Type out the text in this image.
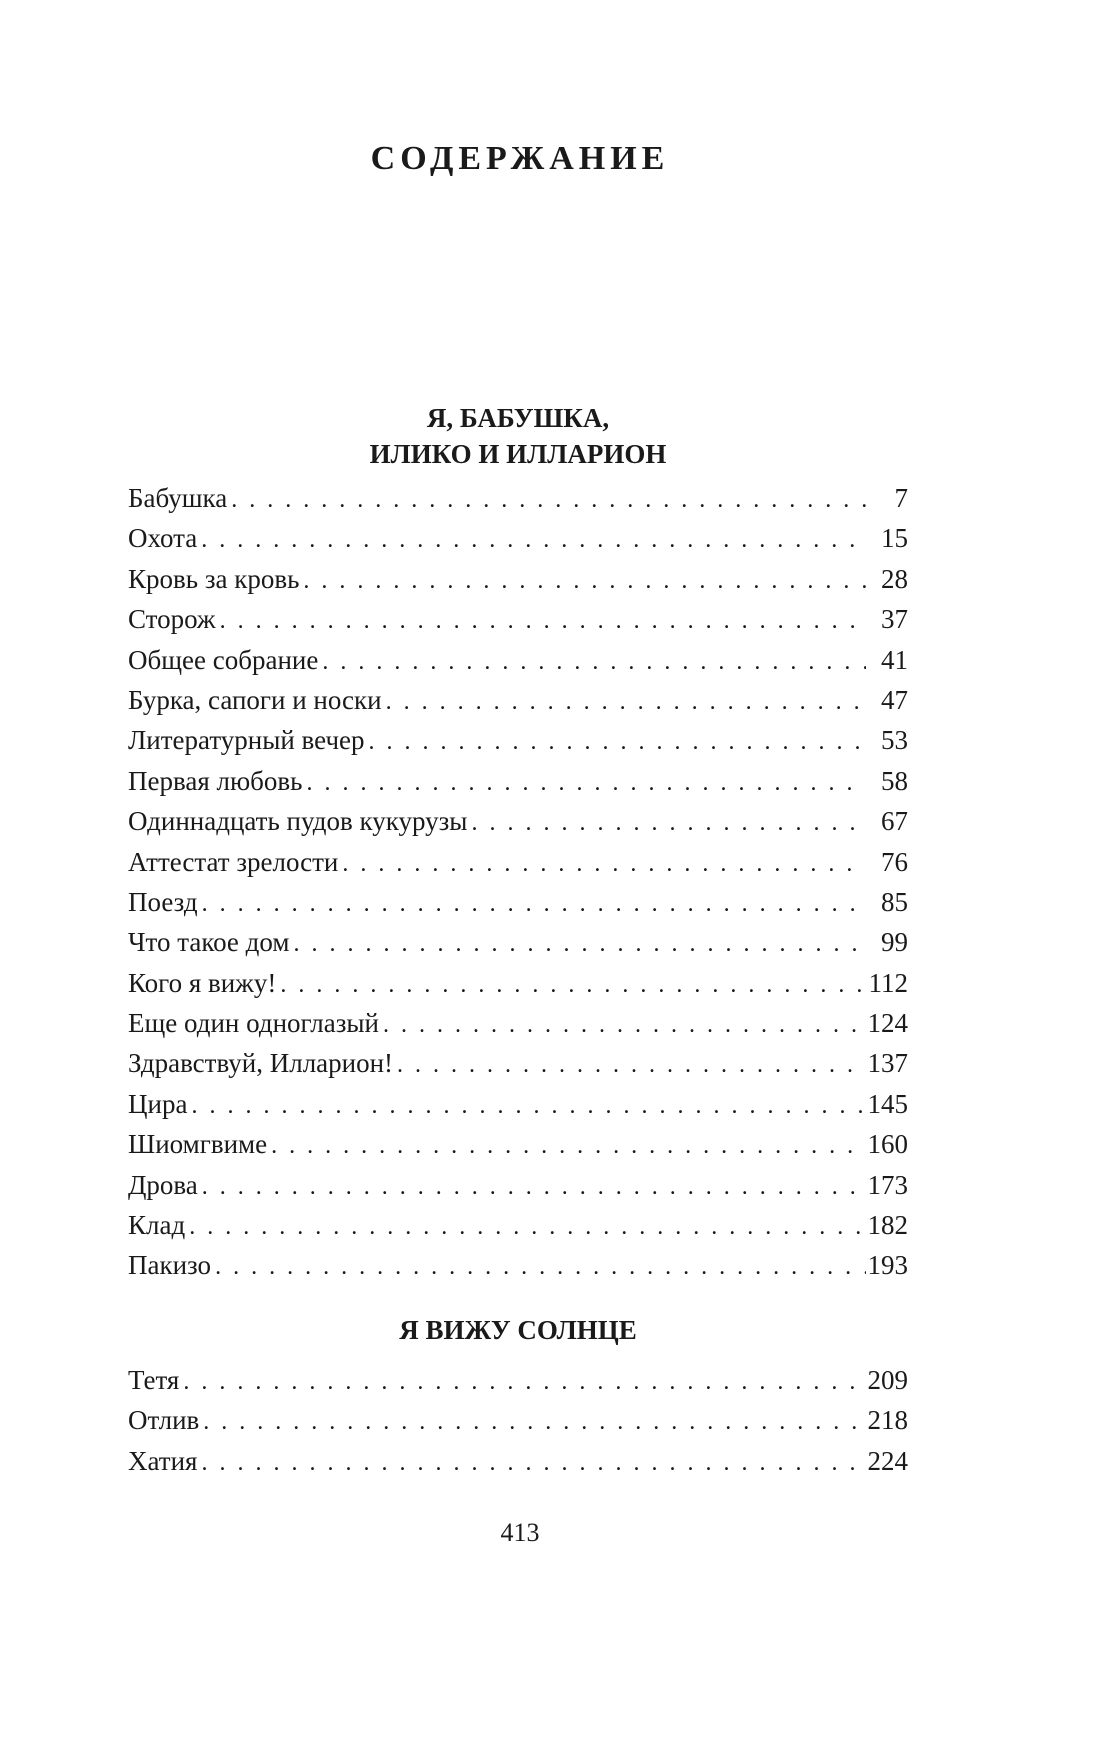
СОДЕРЖАНИЕ
Я, БАБУШКА,
ИЛИКО И ИЛЛАРИОН
Бабушка . . .	7
Охота . . .	15
Кровь за кровь . . .	28
Сторож . . .	37
Общее собрание . . .	41
Бурка, сапоги и носки . . .	47
Литературный вечер . . .	53
Первая любовь . . .	58
Одиннадцать пудов кукурузы . . .	67
Аттестат зрелости . . .	76
Поезд . . .	85
Что такое дом . . .	99
Кого я вижу! . . .	112
Еще один одноглазый . . .	124
Здравствуй, Илларион! . . .	137
Цира . . .	145
Шиомгвиме . . .	160
Дрова . . .	173
Клад . . .	182
Пакизо . . .	193
Я ВИЖУ СОЛНЦЕ
Тетя . . .	209
Отлив . . .	218
Хатия . . .	224

413
